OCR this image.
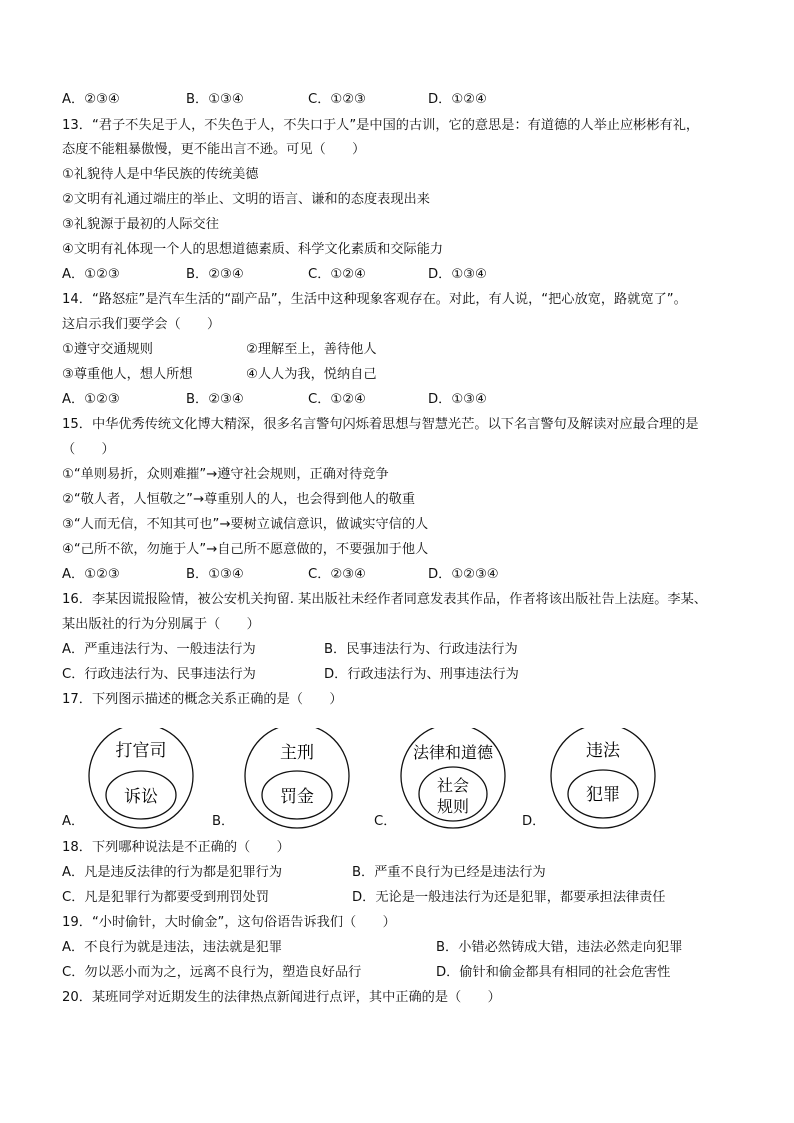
A．②③④	B．①③④	C．①②③	D．①②④
13．“君子不失足于人，不失色于人，不失口于人”是中国的古训，它的意思是：有道德的人举止应彬彬有礼，
态度不能粗暴傲慢，更不能出言不逊。可见（　　）
①礼貌待人是中华民族的传统美德
②文明有礼通过端庄的举止、文明的语言、谦和的态度表现出来
③礼貌源于最初的人际交往
④文明有礼体现一个人的思想道德素质、科学文化素质和交际能力
A．①②③	B．②③④	C．①②④	D．①③④
14．“路怒症”是汽车生活的“副产品”，生活中这种现象客观存在。对此，有人说，“把心放宽，路就宽了”。
这启示我们要学会（　　）
①遵守交通规则	②理解至上，善待他人
③尊重他人，想人所想	④人人为我，悦纳自己
A．①②③	B．②③④	C．①②④	D．①③④
15．中华优秀传统文化博大精深，很多名言警句闪烁着思想与智慧光芒。以下名言警句及解读对应最合理的是
（　　）
①“单则易折，众则难摧”→遵守社会规则，正确对待竞争
②“敬人者，人恒敬之”→尊重别人的人，也会得到他人的敬重
③“人而无信，不知其可也”→要树立诚信意识，做诚实守信的人
④“己所不欲，勿施于人”→自己所不愿意做的，不要强加于他人
A．①②③	B．①③④	C．②③④	D．①②③④
16．李某因谎报险情，被公安机关拘留. 某出版社未经作者同意发表其作品，作者将该出版社告上法庭。李某、
某出版社的行为分别属于（　　）
A．严重违法行为、一般违法行为	B．民事违法行为、行政违法行为
C．行政违法行为、民事违法行为	D．行政违法行为、刑事违法行为
17．下列图示描述的概念关系正确的是（　　）
打官司
诉讼
主刑
罚金
法律和道德
社会
规则
违法
犯罪
A．	B．	C．	D．
18．下列哪种说法是不正确的（　　）
A．凡是违反法律的行为都是犯罪行为	B．严重不良行为已经是违法行为
C．凡是犯罪行为都要受到刑罚处罚	D．无论是一般违法行为还是犯罪，都要承担法律责任
19．“小时偷针，大时偷金”，这句俗语告诉我们（　　）
A．不良行为就是违法，违法就是犯罪	B．小错必然铸成大错，违法必然走向犯罪
C．勿以恶小而为之，远离不良行为，塑造良好品行	D．偷针和偷金都具有相同的社会危害性
20．某班同学对近期发生的法律热点新闻进行点评，其中正确的是（　　）
